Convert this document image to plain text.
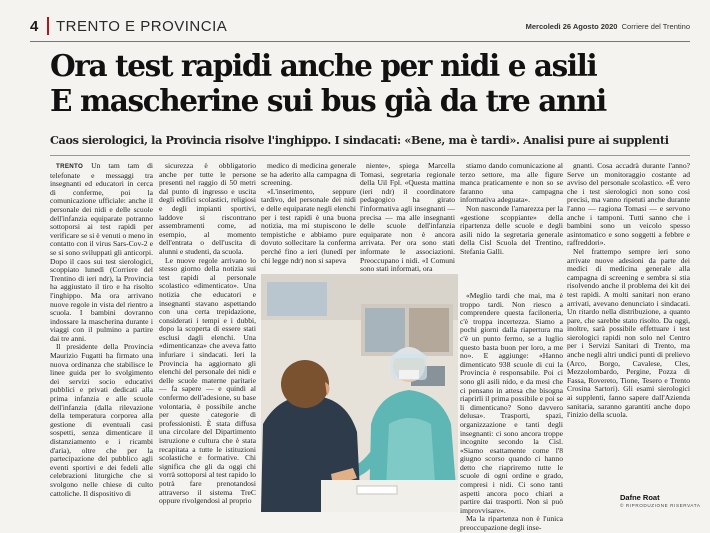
4 TRENTO E PROVINCIA	Mercoledì 26 Agosto 2020 Corriere del Trentino
Ora test rapidi anche per nidi e asili
E mascherine sui bus già da tre anni

Caos sierologici, la Provincia risolve l'inghippo. I sindacati: «Bene, ma è tardi». Analisi pure ai supplenti

TRENTO Un tam tam di telefonate e messaggi tra insegnanti ed educatori in cerca di conferme, poi la comunicazione ufficiale: anche il personale dei nidi e delle scuole dell'infanzia equiparate potranno sottoporsi ai test rapidi per verificare se si è venuti o meno in contatto con il virus Sars-Cov-2 e se si sono sviluppati gli anticorpi. Dopo il caos sui test sierologici, scoppiato lunedì (Corriere del Trentino di ieri ndr), la Provincia ha aggiustato il tiro e ha risolto l'inghippo. Ma ora arrivano nuove regole in vista del rientro a scuola. I bambini dovranno indossare la mascherina durante i viaggi con il pulmino a partire dai tre anni.

Il presidente della Provincia Maurizio Fugatti ha firmato una nuova ordinanza che stabilisce le linee guida per lo svolgimento dei servizi socio educativi pubblici e privati dedicati alla prima infanzia e alle scuole dell'infanzia (dalla rilevazione della temperatura corporea alla gestione di eventuali casi sospetti, senza dimenticare il distanziamento e i ricambi d'aria), oltre che per la partecipazione del pubblico agli eventi sportivi e dei fedeli alle celebrazioni liturgiche che si svolgono nelle chiese di culto cattoliche. Il dispositivo di

sicurezza è obbligatorio anche per tutte le persone presenti nel raggio di 50 metri dal punto di ingresso e uscita degli edifici scolastici, religiosi e degli impianti sportivi, laddove si riscontrano assembramenti come, ad esempio, al momento dell'entrata o dell'uscita di alunni e studenti, da scuola.

Le nuove regole arrivano lo stesso giorno della notizia sui test rapidi al personale scolastico «dimenticato». Una notizia che educatori e insegnanti stavano aspettando con una certa trepidazione, considerati i tempi e i dubbi, dopo la scoperta di essere stati esclusi dagli elenchi. Una «dimenticanza» che aveva fatto infuriare i sindacati. Ieri la Provincia ha aggiornato gli elenchi del personale dei nidi e delle scuole materne paritarie — fa sapere — e quindi al confermo dell'adesione, su base volontaria, è possibile anche per queste categorie di professionisti. È stata diffusa una circolare del Dipartimento istruzione e cultura che è stata recapitata a tutte le istituzioni scolastiche e formative. Chi significa che gli da oggi chi vorrà sottoporsi al test rapido lo potrà fare prenotandosi attraverso il sistema TreC oppure rivolgendosi al proprio

medico di medicina generale se ha aderito alla campagna di screening.

«L'inserimento, seppure tardivo, del personale dei nidi e delle equiparate negli elenchi per i test rapidi è una buona notizia, ma mi stupiscono le tempistiche e abbiamo pure dovuto sollecitare la conferma perché fino a ieri (lunedì per chi legge ndr) non si sapeva

niente», spiega Marcella Tomasi, segretaria regionale della Uil Fpl. «Questa mattina (ieri ndr) il coordinatore pedagogico ha girato l'informativa agli insegnanti — precisa — ma alle insegnanti delle scuole dell'infanzia equiparate non è ancora arrivata. Per ora sono stati informate le associazioni. Preoccupano i nidi. «I Comuni sono stati informati, ora

stiamo dando comunicazione al terzo settore, ma alle figure manca praticamente e non so se faranno una campagna informativa adeguata».

Non nasconde l'amarezza per la «gestione scoppiante» della ripartenza delle scuole e degli asili nido la segretaria generale della Cisl Scuola del Trentino, Stefania Galli.

«Meglio tardi che mai, ma è troppo tardi. Non riesco a comprendere questa faciloneria, c'è troppa incertezza. Siamo a pochi giorni dalla riapertura ma c'è un punto fermo, se a luglio questo basta buon per loro, a me no». E aggiunge: «Hanno dimenticato 938 scuole di cui la Provincia è responsabile. Poi ci sono gli asili nido, e da mesi che ci pensano in attesa che bisogna riaprirli il prima possibile e poi se li dimenticano? Sono davvero delusa». Trasporti, spazi, organizzazione e tanti degli insegnanti: ci sono ancora troppe incognite secondo la Cisl. «Siamo esattamente come l'8 giugno scorso quando ci hanno detto che riapriremo tutte le scuole di ogni ordine e grado, compresi i nidi. Ci sono tanti aspetti ancora poco chiari a partire dai trasporti. Non si può improvvisare».

Ma la ripartenza non è l'unica preoccupazione degli inse-

gnanti. Cosa accadrà durante l'anno? Serve un monitoraggio costante ad avviso del personale scolastico. «È vero che i test sierologici non sono così precisi, ma vanno ripetuti anche durante l'anno — ragiona Tomasi — e servono anche i tamponi. Tutti sanno che i bambini sono un veicolo spesso asintomatico e sono soggetti a febbre e raffreddori».

Nel frattempo sempre ieri sono arrivate nuove adesioni da parte dei medici di medicina generale alla campagna di screening e sembra si stia risolvendo anche il problema dei kit dei test rapidi. A molti sanitari non erano arrivati, avevano denunciato i sindacati. Un ritardo nella distribuzione, a quanto pare, che sarebbe stato risolto. Da oggi, inoltre, sarà possibile effettuare i test sierologici rapidi non solo nel Centro per i Servizi Sanitari di Trento, ma anche negli altri undici punti di prelievo (Arco, Borgo, Cavalese, Cles, Mezzolombardo, Pergine, Pozza di Fassa, Rovereto, Tione, Tesero e Trento Crosina Sartori). Gli esami sierologici ai supplenti, fanno sapere dall'Azienda sanitaria, saranno garantiti anche dopo l'inizio della scuola.

Dafne Roat
© RIPRODUZIONE RISERVATA
